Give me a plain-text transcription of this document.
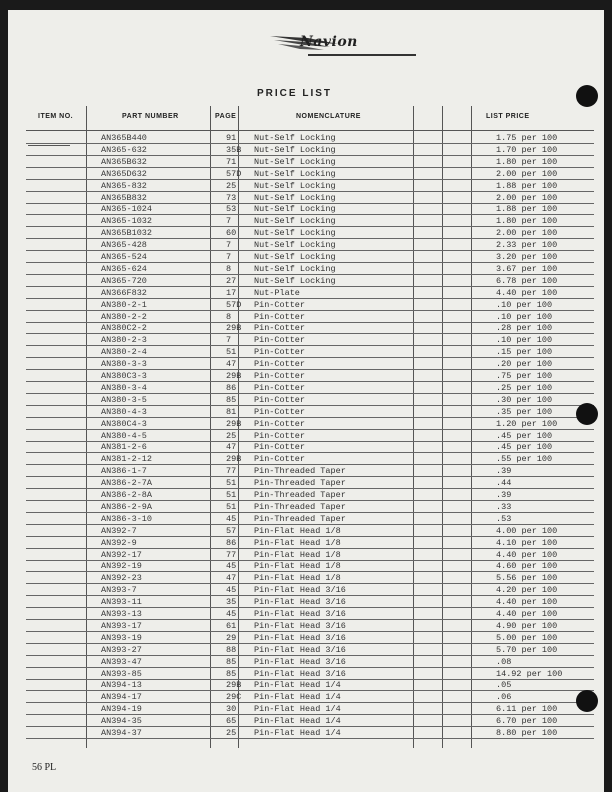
Navion
PRICE LIST
ITEM NO.	PART NUMBER	PAGE	NOMENCLATURE	LIST PRICE
AN365B440	91 Nut-Self Locking	1.75 per 100
AN365-632	35B Nut-Self Locking	1.70 per 100
AN365B632	71 Nut-Self Locking	1.80 per 100
AN365D632	57D Nut-Self Locking	2.00 per 100
AN365-832	25 Nut-Self Locking	1.88 per 100
AN365B832	73 Nut-Self Locking	2.00 per 100
AN365-1024	53 Nut-Self Locking	1.88 per 100
AN365-1032	7	Nut-Self Locking	1.80 per 100
AN365B1032	60 Nut-Self Locking	2.00 per 100
AN365-428	7	Nut-Self Locking	2.33 per 100
AN365-524	7	Nut-Self Locking	3.20 per 100
AN365-624	8	Nut-Self Locking	3.67 per 100
AN365-720	27 Nut-Self Locking	6.78 per 100
AN366F832	17 Nut-Plate	4.40 per 100
AN380-2-1	57D Pin-Cotter	.10 per 100
AN380-2-2	8	Pin-Cotter	.10 per 100
AN380C2-2	29B Pin-Cotter	.28 per 100
AN380-2-3	7	Pin-Cotter	.10 per 100
AN380-2-4	51 Pin-Cotter	.15 per 100
AN380-3-3	47 Pin-Cotter	.20 per 100
AN380C3-3	29B Pin-Cotter	.75 per 100
AN380-3-4	86 Pin-Cotter	.25 per 100
AN380-3-5	85 Pin-Cotter	.30 per 100
AN380-4-3	81 Pin-Cotter	.35 per 100
AN380C4-3	29B Pin-Cotter	1.20 per 100
AN380-4-5	25 Pin-Cotter	.45 per 100
AN381-2-6	47 Pin-Cotter	.45 per 100
AN381-2-12	29B Pin-Cotter	.55 per 100
AN386-1-7	77 Pin-Threaded Taper	.39
AN386-2-7A	51 Pin-Threaded Taper	.44
AN386-2-8A	51 Pin-Threaded Taper	.39
AN386-2-9A	51 Pin-Threaded Taper	.33
AN386-3-10	45 Pin-Threaded Taper	.53
AN392-7	57 Pin-Flat Head 1/8	4.00 per 100
AN392-9	86 Pin-Flat Head 1/8	4.10 per 100
AN392-17	77 Pin-Flat Head 1/8	4.40 per 100
AN392-19	45 Pin-Flat Head 1/8	4.60 per 100
AN392-23	47 Pin-Flat Head 1/8	5.56 per 100
AN393-7	45 Pin-Flat Head 3/16	4.20 per 100
AN393-11	35 Pin-Flat Head 3/16	4.40 per 100
AN393-13	45 Pin-Flat Head 3/16	4.40 per 100
AN393-17	61 Pin-Flat Head 3/16	4.90 per 100
AN393-19	29 Pin-Flat Head 3/16	5.00 per 100
AN393-27	88 Pin-Flat Head 3/16	5.70 per 100
AN393-47	85 Pin-Flat Head 3/16	.08
AN393-85	85 Pin-Flat Head 3/16	14.92 per 100
AN394-13	29B Pin-Flat Head 1/4	.05
AN394-17	29C Pin-Flat Head 1/4	.06
AN394-19	30 Pin-Flat Head 1/4	6.11 per 100
AN394-35	65 Pin-Flat Head 1/4	6.70 per 100
AN394-37	25 Pin-Flat Head 1/4	8.80 per 100
56 PL
